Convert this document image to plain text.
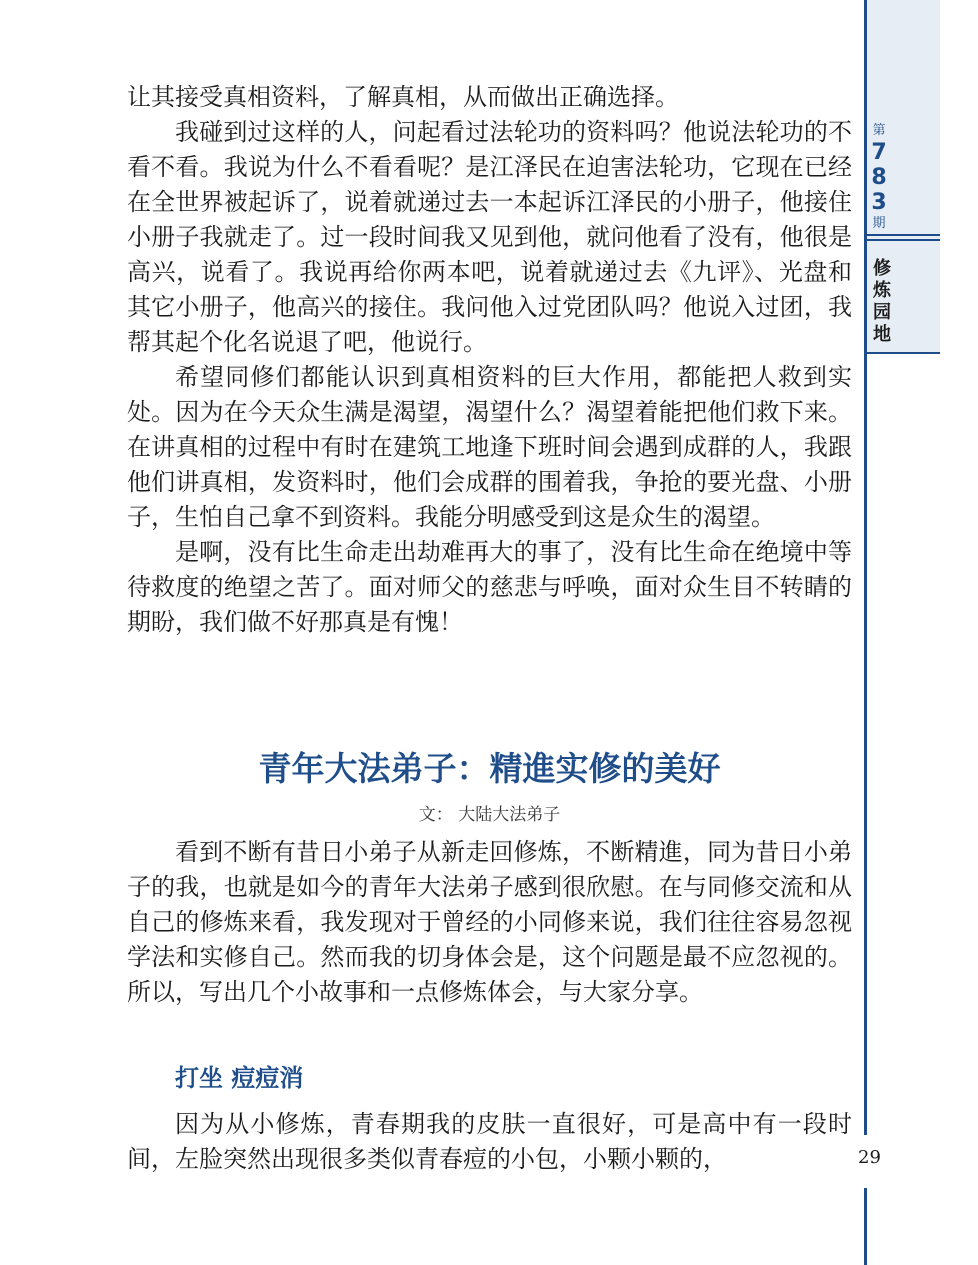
第
7
8
3
期
修
炼
园
地

让其接受真相资料，了解真相，从而做出正确选择。

我碰到过这样的人，问起看过法轮功的资料吗？他说法轮功的不看不看。我说为什么不看看呢？是江泽民在迫害法轮功，它现在已经在全世界被起诉了，说着就递过去一本起诉江泽民的小册子，他接住小册子我就走了。过一段时间我又见到他，就问他看了没有，他很是高兴，说看了。我说再给你两本吧，说着就递过去《九评》、光盘和其它小册子，他高兴的接住。我问他入过党团队吗？他说入过团，我帮其起个化名说退了吧，他说行。

希望同修们都能认识到真相资料的巨大作用，都能把人救到实处。因为在今天众生满是渴望，渴望什么？渴望着能把他们救下来。在讲真相的过程中有时在建筑工地逢下班时间会遇到成群的人，我跟他们讲真相，发资料时，他们会成群的围着我，争抢的要光盘、小册子，生怕自己拿不到资料。我能分明感受到这是众生的渴望。

是啊，没有比生命走出劫难再大的事了，没有比生命在绝境中等待救度的绝望之苦了。面对师父的慈悲与呼唤，面对众生目不转睛的期盼，我们做不好那真是有愧！

青年大法弟子：精進实修的美好
文： 大陆大法弟子

看到不断有昔日小弟子从新走回修炼，不断精進，同为昔日小弟子的我，也就是如今的青年大法弟子感到很欣慰。在与同修交流和从自己的修炼来看，我发现对于曾经的小同修来说，我们往往容易忽视学法和实修自己。然而我的切身体会是，这个问题是最不应忽视的。所以，写出几个小故事和一点修炼体会，与大家分享。

打坐 痘痘消

因为从小修炼，青春期我的皮肤一直很好，可是高中有一段时间，左脸突然出现很多类似青春痘的小包，小颗小颗的，	29
